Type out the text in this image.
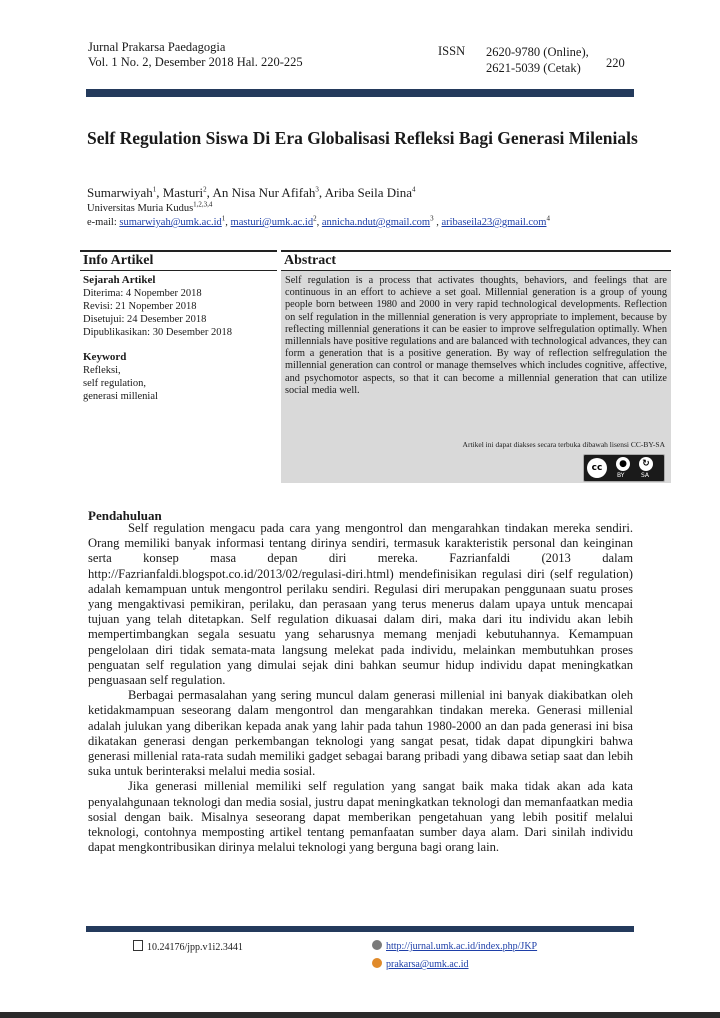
Jurnal Prakarsa Paedagogia
Vol. 1 No. 2, Desember 2018 Hal. 220-225
ISSN 2620-9780 (Online),
2621-5039 (Cetak)	220
Self Regulation Siswa Di Era Globalisasi Refleksi Bagi Generasi Milenials
Sumarwiyah$^1$, Masturi$^2$, An Nisa Nur Afifah$^3$, Ariba Seila Dina$^4$
Universitas Muria Kudus$^{1,2,3,4}$
e-mail: $sumarwiyah@umk.ac.id^1$, $masturi@umk.ac.id^2$, annicha.ndut@gmail.com$^3$ , aribaseila23@gmail.com$^4$
Info Artikel
Sejarah Artikel
Diterima: 4 Nopember 2018
Revisi: 21 Nopember 2018
Disetujui: 24 Desember 2018
Dipublikasikan: 30 Desember 2018
Keyword
Refleksi,
self regulation,
generasi millenial
Abstract
Self regulation is a process that activates thoughts, behaviors, and feelings that are continuous in an effort to achieve a set goal. Millennial generation is a group of young people born between 1980 and 2000 in very rapid technological developments. Reflection on self regulation in the millennial generation is very appropriate to implement, because by reflecting millennial generations it can be easier to improve selfregulation optimally. When millennials have positive regulations and are balanced with technological advances, they can form a generation that is a positive generation. By way of reflection selfregulation the millennial generation can control or manage themselves which includes cognitive, affective, and psychomotor aspects, so that it can become a millennial generation that can utilize social media well.
Artikel ini dapat diakses secara terbuka dibawah lisensi CC-BY-SA
cc	●	↻
BY	SA
Pendahuluan

Self regulation mengacu pada cara yang mengontrol dan mengarahkan tindakan mereka sendiri. Orang memiliki banyak informasi tentang dirinya sendiri, termasuk karakteristik personal dan keinginan serta konsep masa depan diri mereka. Fazrianfaldi (2013 dalam http://Fazrianfaldi.blogspot.co.id/2013/02/regulasi-diri.html) mendefinisikan regulasi diri (self regulation) adalah kemampuan untuk mengontrol perilaku sendiri. Regulasi diri merupakan penggunaan suatu proses yang mengaktivasi pemikiran, perilaku, dan perasaan yang terus menerus dalam upaya untuk mencapai tujuan yang telah ditetapkan. Self regulation dikuasai dalam diri, maka dari itu individu akan lebih mempertimbangkan segala sesuatu yang seharusnya memang menjadi kebutuhannya. Kemampuan pengelolaan diri tidak semata-mata langsung melekat pada individu, melainkan membutuhkan proses penguatan self regulation yang dimulai sejak dini bahkan seumur hidup individu dapat meningkatkan penguasaan self regulation.

Berbagai permasalahan yang sering muncul dalam generasi millenial ini banyak diakibatkan oleh ketidakmampuan seseorang dalam mengontrol dan mengarahkan tindakan mereka. Generasi millenial adalah julukan yang diberikan kepada anak yang lahir pada tahun 1980-2000 an dan pada generasi ini bisa dikatakan generasi dengan perkembangan teknologi yang sangat pesat, tidak dapat dipungkiri bahwa generasi millenial rata-rata sudah memiliki gadget sebagai barang pribadi yang dibawa setiap saat dan lebih suka untuk berinteraksi melalui media sosial.

Jika generasi millenial memiliki self regulation yang sangat baik maka tidak akan ada kata penyalahgunaan teknologi dan media sosial, justru dapat meningkatkan teknologi dan memanfaatkan media sosial dengan baik. Misalnya seseorang dapat memberikan pengetahuan yang lebih positif melalui teknologi, contohnya memposting artikel tentang pemanfaatan sumber daya alam. Dari sinilah individu dapat mengkontribusikan dirinya melalui teknologi yang berguna bagi orang lain.

10.24176/jpp.v1i2.3441	http://jurnal.umk.ac.id/index.php/JKP
prakarsa@umk.ac.id
